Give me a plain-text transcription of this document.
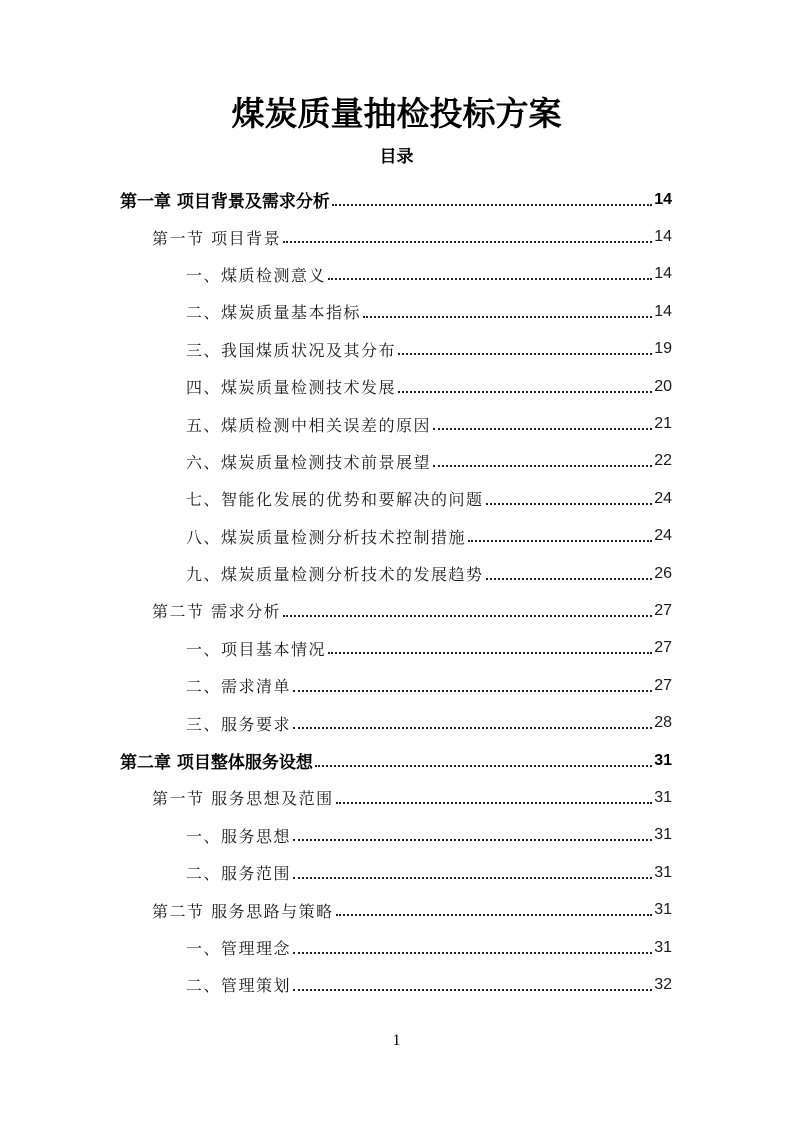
煤炭质量抽检投标方案
目录
第一章 项目背景及需求分析	14
第一节 项目背景	14
一、煤质检测意义	14
二、煤炭质量基本指标	14
三、我国煤质状况及其分布	19
四、煤炭质量检测技术发展	20
五、煤质检测中相关误差的原因	21
六、煤炭质量检测技术前景展望	22
七、智能化发展的优势和要解决的问题	24
八、煤炭质量检测分析技术控制措施	24
九、煤炭质量检测分析技术的发展趋势	26
第二节 需求分析	27
一、项目基本情况	27
二、需求清单	27
三、服务要求	28
第二章 项目整体服务设想	31
第一节 服务思想及范围	31
一、服务思想	31
二、服务范围	31
第二节 服务思路与策略	31
一、管理理念	31
二、管理策划	32
1
